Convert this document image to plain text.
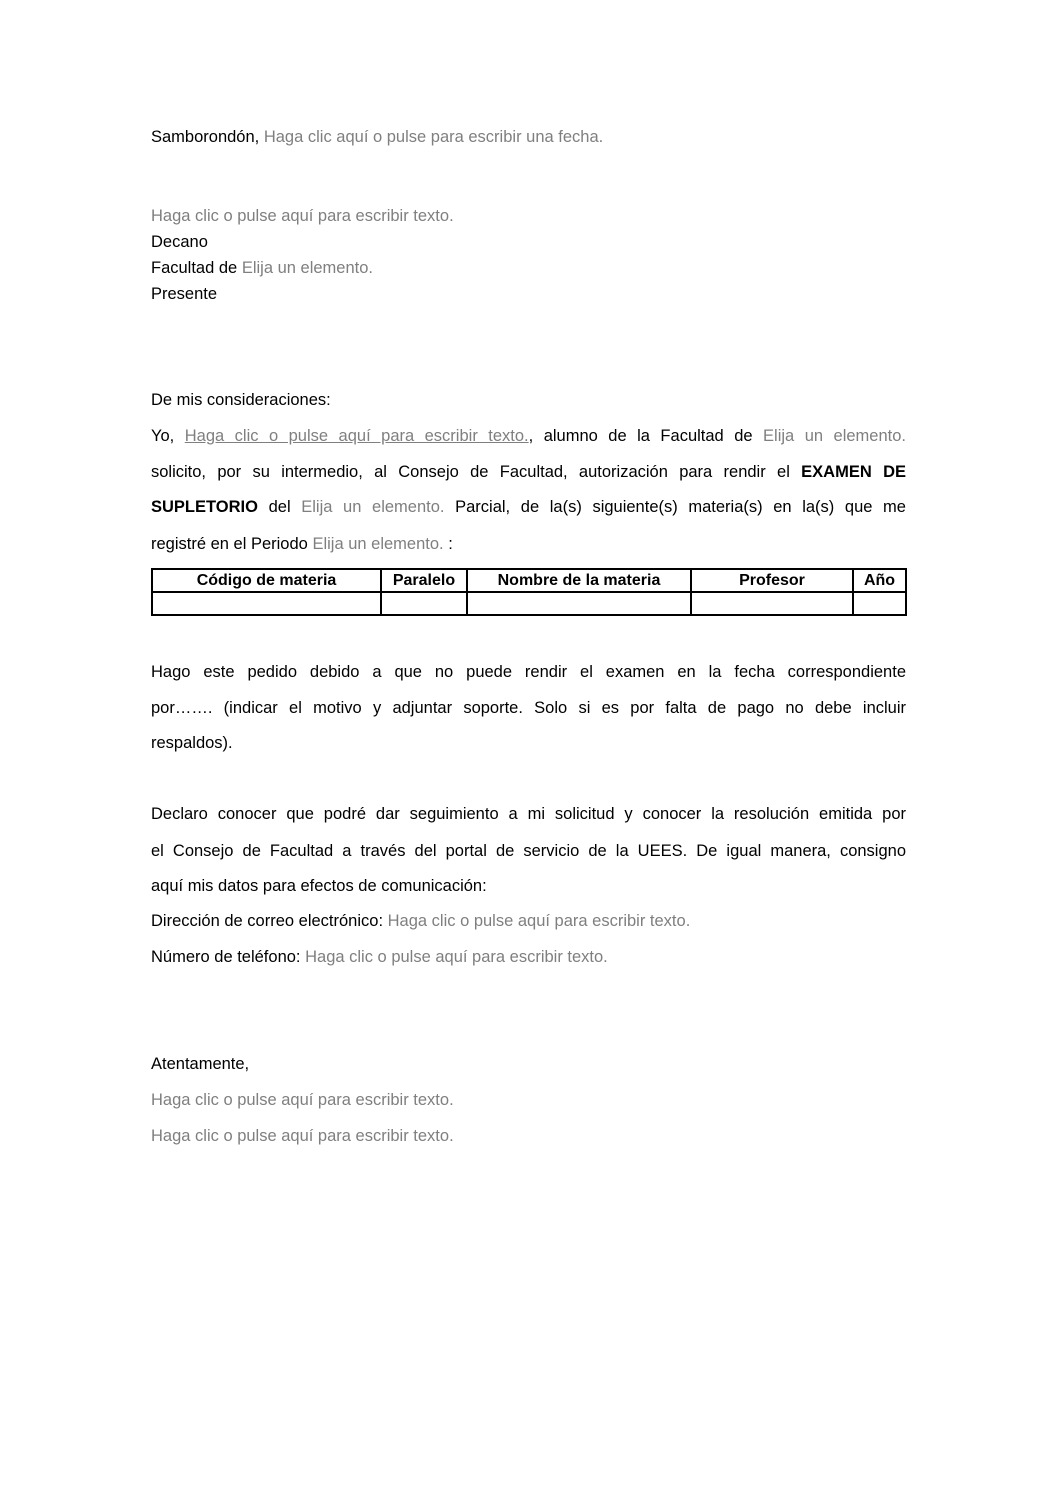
Samborondón, Haga clic aquí o pulse para escribir una fecha.
Haga clic o pulse aquí para escribir texto.
Decano
Facultad de Elija un elemento.
Presente
De mis consideraciones:
Yo, Haga clic o pulse aquí para escribir texto., alumno de la Facultad de Elija un elemento.
solicito, por su intermedio, al Consejo de Facultad, autorización para rendir el EXAMEN DE
SUPLETORIO del Elija un elemento. Parcial, de la(s) siguiente(s) materia(s) en la(s) que me
registré en el Periodo Elija un elemento. :
Código de materia	Paralelo	Nombre de la materia	Profesor	Año

Hago este pedido debido a que no puede rendir el examen en la fecha correspondiente
por……. (indicar el motivo y adjuntar soporte. Solo si es por falta de pago no debe incluir
respaldos).
Declaro conocer que podré dar seguimiento a mi solicitud y conocer la resolución emitida por
el Consejo de Facultad a través del portal de servicio de la UEES. De igual manera, consigno
aquí mis datos para efectos de comunicación:
Dirección de correo electrónico: Haga clic o pulse aquí para escribir texto.
Número de teléfono: Haga clic o pulse aquí para escribir texto.
Atentamente,
Haga clic o pulse aquí para escribir texto.
Haga clic o pulse aquí para escribir texto.
